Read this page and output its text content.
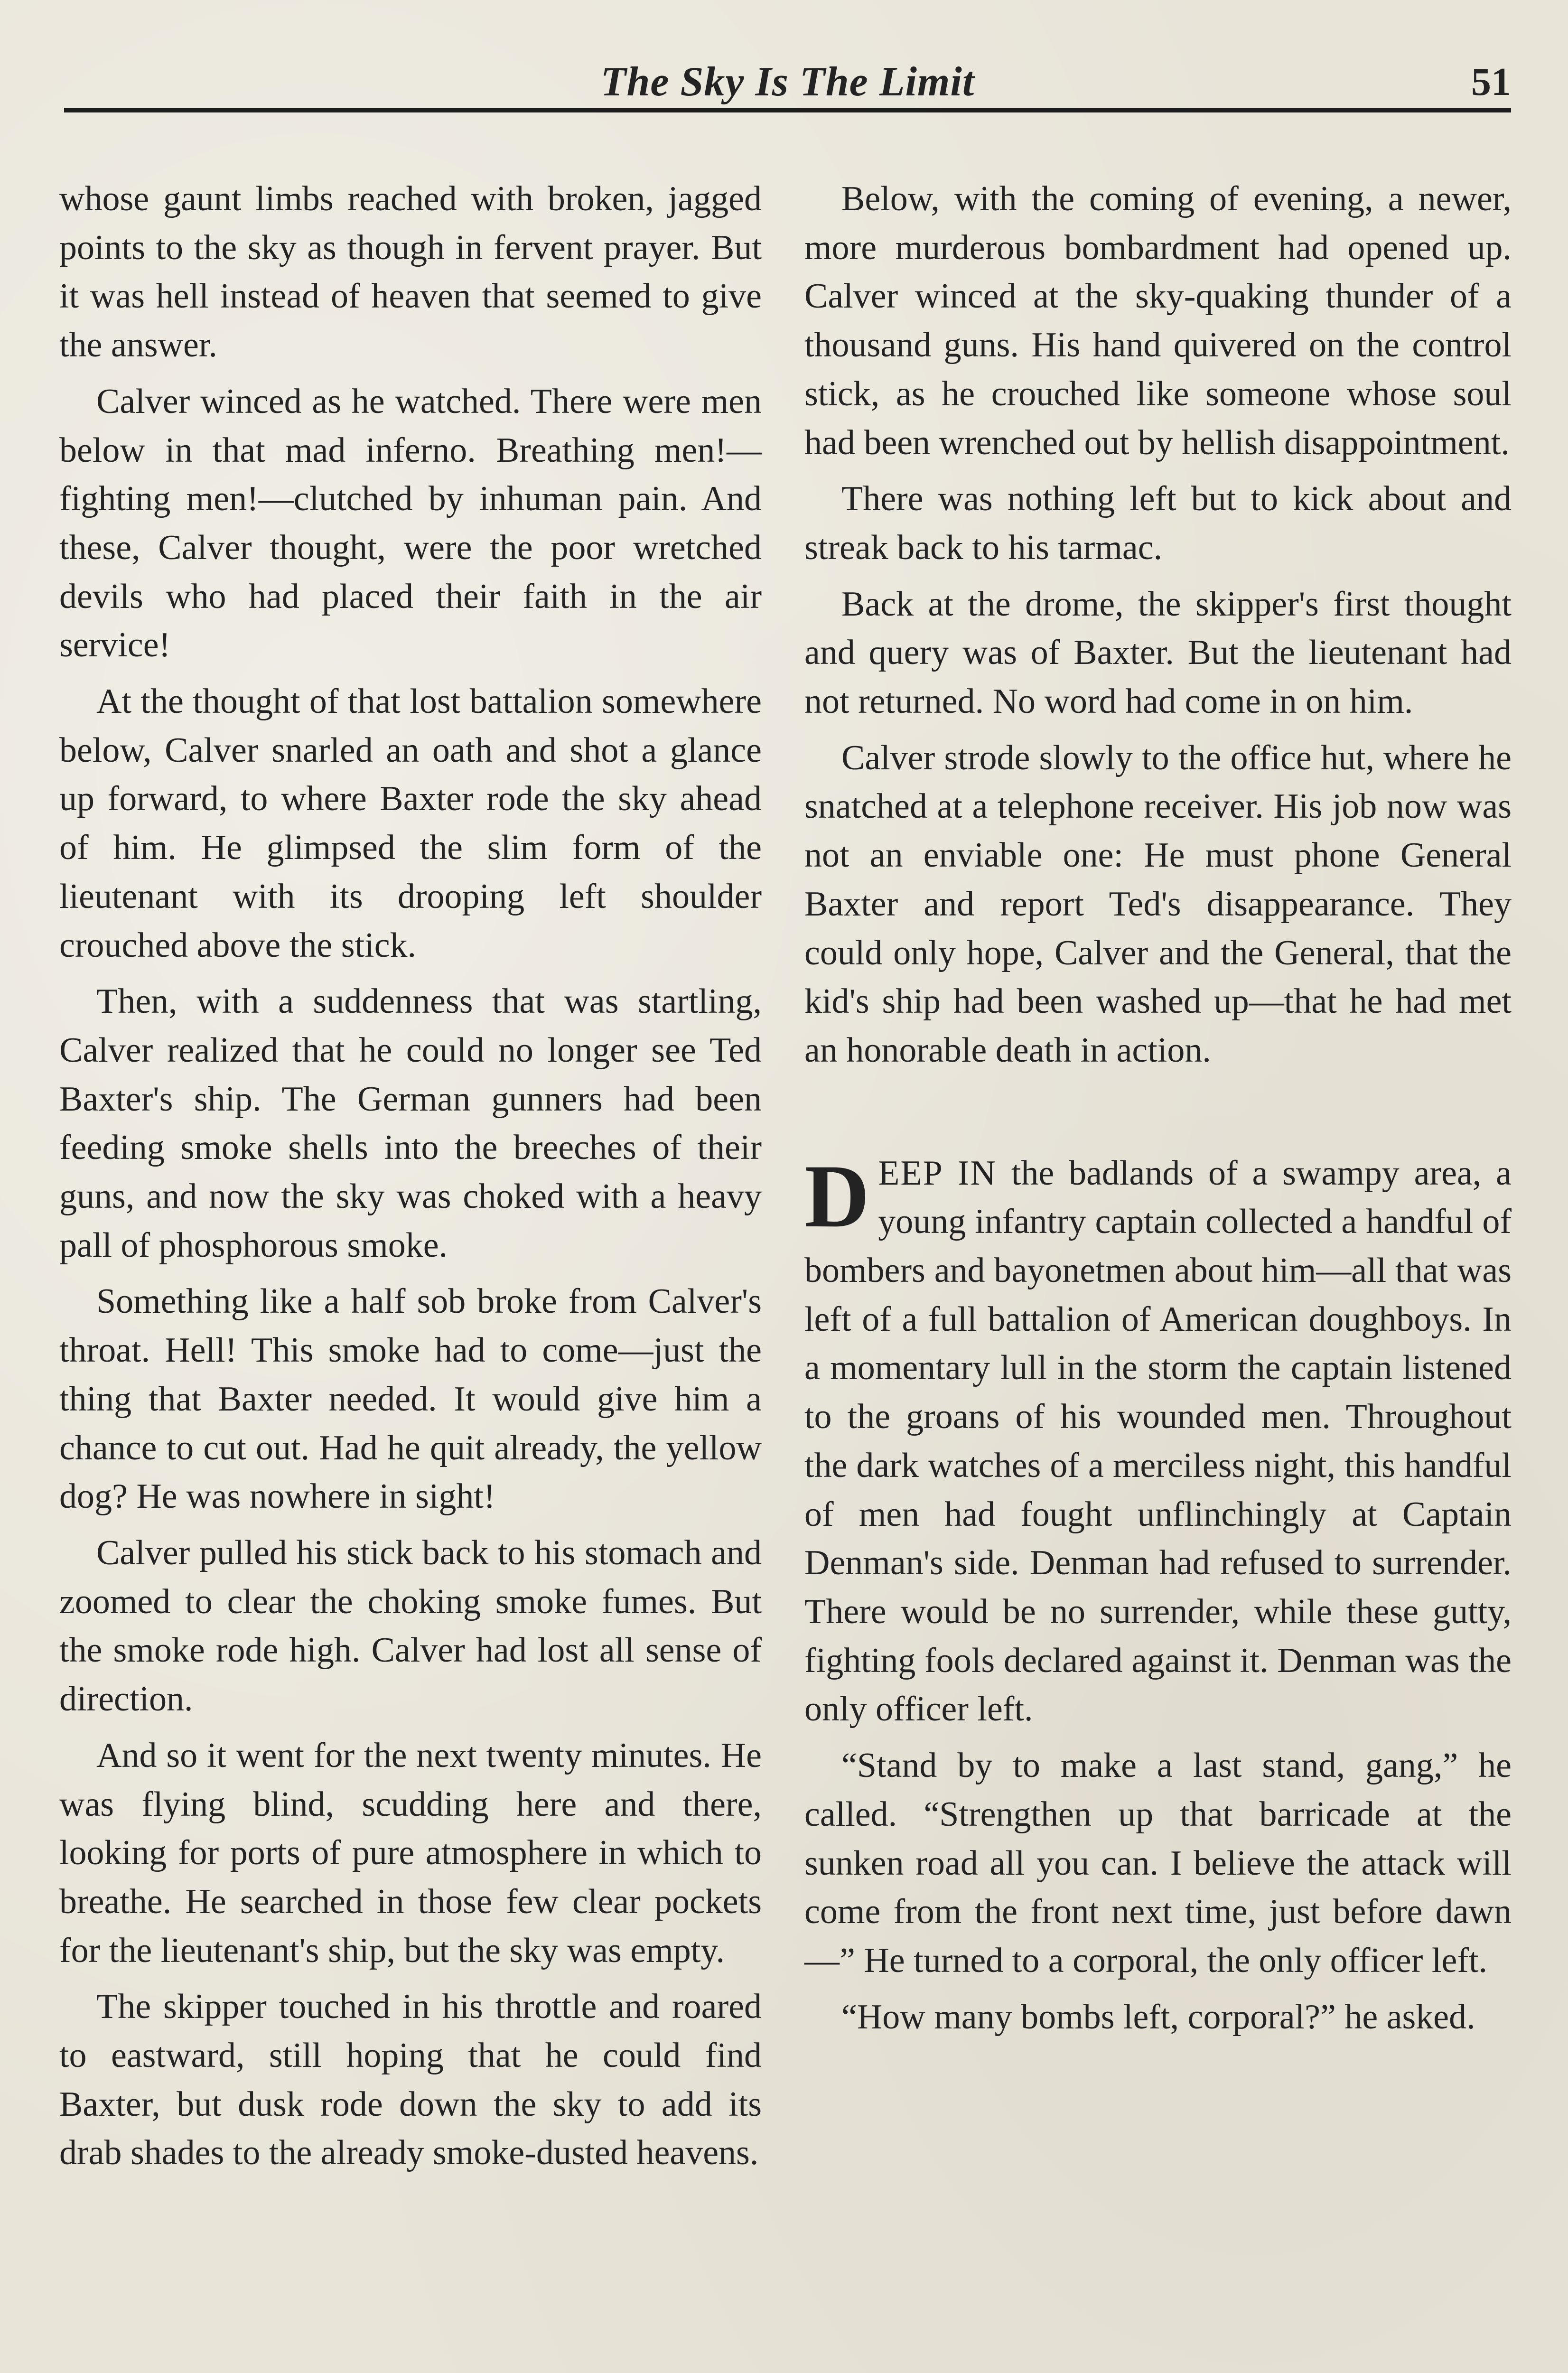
The Sky Is The Limit	51

whose gaunt limbs reached with broken, jagged points to the sky as though in fervent prayer. But it was hell instead of heaven that seemed to give the answer.

Calver winced as he watched. There were men below in that mad inferno. Breathing men!—fighting men!—clutched by inhuman pain. And these, Calver thought, were the poor wretched devils who had placed their faith in the air service!

At the thought of that lost battalion somewhere below, Calver snarled an oath and shot a glance up forward, to where Baxter rode the sky ahead of him. He glimpsed the slim form of the lieutenant with its drooping left shoulder crouched above the stick.

Then, with a suddenness that was startling, Calver realized that he could no longer see Ted Baxter's ship. The German gunners had been feeding smoke shells into the breeches of their guns, and now the sky was choked with a heavy pall of phosphorous smoke.

Something like a half sob broke from Calver's throat. Hell! This smoke had to come—just the thing that Baxter needed. It would give him a chance to cut out. Had he quit already, the yellow dog? He was nowhere in sight!

Calver pulled his stick back to his stomach and zoomed to clear the choking smoke fumes. But the smoke rode high. Calver had lost all sense of direction.

And so it went for the next twenty minutes. He was flying blind, scudding here and there, looking for ports of pure atmosphere in which to breathe. He searched in those few clear pockets for the lieutenant's ship, but the sky was empty.

The skipper touched in his throttle and roared to eastward, still hoping that he could find Baxter, but dusk rode down the sky to add its drab shades to the already smoke-dusted heavens.

Below, with the coming of evening, a newer, more murderous bombardment had opened up. Calver winced at the sky-quaking thunder of a thousand guns. His hand quivered on the control stick, as he crouched like someone whose soul had been wrenched out by hellish disappointment.

There was nothing left but to kick about and streak back to his tarmac.

Back at the drome, the skipper's first thought and query was of Baxter. But the lieutenant had not returned. No word had come in on him.

Calver strode slowly to the office hut, where he snatched at a telephone receiver. His job now was not an enviable one: He must phone General Baxter and report Ted's disappearance. They could only hope, Calver and the General, that the kid's ship had been washed up—that he had met an honorable death in action.

DEEP IN the badlands of a swampy area, a young infantry captain collected a handful of bombers and bayonetmen about him—all that was left of a full battalion of American doughboys. In a momentary lull in the storm the captain listened to the groans of his wounded men. Throughout the dark watches of a merciless night, this handful of men had fought unflinchingly at Captain Denman's side. Denman had refused to surrender. There would be no surrender, while these gutty, fighting fools declared against it. Denman was the only officer left.

“Stand by to make a last stand, gang,” he called. “Strengthen up that barricade at the sunken road all you can. I believe the attack will come from the front next time, just before dawn—” He turned to a corporal, the only officer left.

“How many bombs left, corporal?” he asked.
